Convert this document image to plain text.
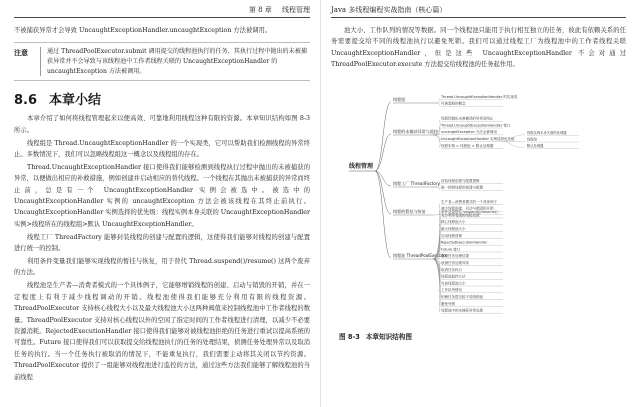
第 8 章 线程管理

不被捕获异常才会导致 UncaughtExceptionHandler.uncaughtException 方法被调用。

注意	通过 ThreadPoolExecutor.submit 调用提交的线程池执行的任务，其执行过程中抛出的未被捕获异常并不会导致与该线程池中工作者线程关联的 UncaughtExceptionHandler 的 uncaughtException 方法被调用。
8.6 本章小结

本章介绍了如何将线程管理起来以便高效、可靠地利用线程这种有限的资源。本章知识结构如图 8-3 所示。

线程组是 Thread.UncaughtExceptionHandler 的一个实现类，它可以帮助我们检测线程的异常终止。多数情况下，我们可以忽略线程组这一概念以及线程组的存在。

Thread.UncaughtExceptionHandler 接口使得我们能够检测到线程执行过程中抛出的未被捕获的异常，以便做出相应的补救措施，例如创建并启动相应的替代线程。一个线程在其抛出未被捕获的异常而终止前，总是有一个 UncaughtExceptionHandler 实例会被选中。被选中的 UncaughtExceptionHandler 实例的 uncaughtException 方法会被该线程在其终止前执行。UncaughtExceptionHandler 实例选择的优先级：线程实例本身关联的 UncaughtExceptionHandler 实例>线程所在的线程组>默认 UncaughtExceptionHandler。

线程工厂 ThreadFactory 能够封装线程的创建与配置的逻辑，这使得我们能够对线程的创建与配置进行统一的控制。

利用条件变量我们能够实现线程的暂挂与恢复，用于替代 Thread.suspend()/resume() 这两个废弃的方法。

线程池是生产者—消费者模式的一个具体例子，它能够增销线程的创建、启动与销毁的开销，并在一定程度上有利于减少线程调动的开销。线程池使得我们能够充分利用有限的线程资源。ThreadPoolExecutor 支持核心线程大小以及最大线程池大小这两种阀值来控制线程池中工作者线程的数量。ThreadPoolExecutor 支持对核心线程以外的空闲了指定时间的工作者线程进行清理，以减少不必要资源消耗。RejectedExecutionHandler 接口使得我们能够对被线程池拒绝的任务进行重试以提高系统的可靠性。Future 接口使得我们可以获取提交给线程池执行的任务的处理结果，侦测任务处理异常以及取消任务的执行。当一个任务执行被取消的情况下，不能重复执行，我们需要主动将其关闭以节约资源。ThreadPoolExecutor 提供了一组能够对线程池进行监控的方法，通过这些方法我们能够了解线程池的当前线程

Java 多线程编程实战指南（核心篇）

池大小、工作队列的情况等数据。同一个线程池只能用于执行相互独立的任务，彼此有依赖关系的任务需要提交给不同的线程池执行以避免死锁。我们可以通过线程工厂为线程池中的工作者线程关联 UncaughtExceptionHandler，但是这些 UncaughtExceptionHandler 不会对通过 ThreadPoolExecutor.execute 方法提交给线程池的任务起作用。

线程管理
线程组
Thread.UncaughtExceptionHandler 的实现类
可被忽略的概念
线程的未捕获异常与监控
线程因抛出未被捕获的异常而终止
Thread.UncaughtExceptionHandler 接口
uncaughtException 方法会被调用
UncaughtExceptionHandler 实例选择优先级
线程实例 > 线程组 > 默认处理器
线程实例本身关联的处理器
线程组
默认处理器
线程工厂 ThreadFactory
封装线程创建与配置逻辑
统一控制线程的创建与配置
线程的暂挂与恢复	条件变量替代 suspend()/resume()
线程池 ThreadPoolExecutor
生产者—消费者模式的一个具体例子
减少线程创建、启动与销毁的开销
充分利用有限的线程资源
核心线程池大小
最大线程池大小
空闲线程清理
RejectedExecutionHandler
Future 接口
获取任务处理结果
侦测任务处理异常
取消任务执行
线程池监控方法
当前线程池大小
工作队列情况
依赖任务提交给不同线程池
避免死锁
线程池中的未捕获异常处理
图 8-3 本章知识结构图
